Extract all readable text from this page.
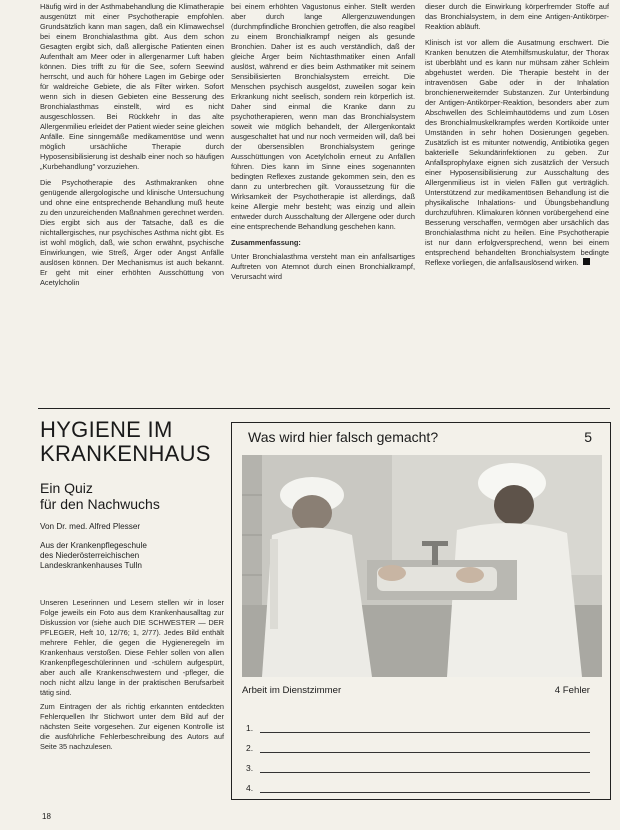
Häufig wird in der Asthmabehandlung die Klimatherapie ausgenützt mit einer Psychotherapie empfohlen. Grundsätzlich kann man sagen, daß ein Klimawechsel bei einem Bronchialasthma gibt. Aus dem schon Gesagten ergibt sich, daß allergische Patienten einen Aufenthalt am Meer oder in allergenarmer Luft haben können. Dies trifft zu für die See, sofern Seewind herrscht, und auch für höhere Lagen im Gebirge oder für waldreiche Gebiete, die als Filter wirken. Sofort wenn sich in diesen Gebieten eine Besserung des Bronchialasthmas einstellt, wird es nicht ausgeschlossen. Bei Rückkehr in das alte Allergenmilieu erleidet der Patient wieder seine gleichen Anfälle. Eine sinngemäße medikamentöse und wenn möglich ursächliche Therapie durch Hyposensibilisierung ist deshalb einer noch so häufigen „Kurbehandlung" vorzuziehen.

Die Psychotherapie des Asthmakranken ohne genügende allergologische und klinische Untersuchung und ohne eine entsprechende Behandlung muß heute zu den unzureichenden Maßnahmen gerechnet werden. Dies ergibt sich aus der Tatsache, daß es die nichtallergisches, nur psychisches Asthma nicht gibt. Es ist wohl möglich, daß, wie schon erwähnt, psychische Einwirkungen, wie Streß, Ärger oder Angst Anfälle auslösen können. Der Mechanismus ist auch bekannt. Er geht mit einer erhöhten Ausschüttung von Acetylcholin

bei einem erhöhten Vagustonus einher. Stellt werden aber durch lange Allergenzuwendungen (durchmpfindliche Bronchien getroffen, die also reagibel zu einem Bronchialkrampf neigen als gesunde Bronchien. Daher ist es auch verständlich, daß der gleiche Ärger beim Nichtasthmatiker einen Anfall auslöst, während er dies beim Asthmatiker mit seinem Sensibilisierten Bronchialsystem erreicht. Die Menschen psychisch ausgelöst, zuweilen sogar kein Erkrankung nicht seelisch, sondern rein körperlich ist. Daher sind einmal die Kranke dann zu psychotherapieren, wenn man das Bronchialsystem soweit wie möglich behandelt, der Allergenkontakt ausgeschaltet hat und nur noch vermeiden will, daß bei der übersensiblen Bronchialsystem geringe Ausschüttungen von Acetylcholin erneut zu Anfällen führen. Dies kann im Sinne eines sogenannten bedingten Reflexes zustande gekommen sein, den es dann zu unterbrechen gilt. Voraussetzung für die Wirksamkeit der Psychotherapie ist allerdings, daß keine Allergie mehr besteht; was einzig und allein entweder durch Ausschaltung der Allergene oder durch eine entsprechende Behandlung geschehen kann.

Zusammenfassung:

Unter Bronchialasthma versteht man ein anfallsartiges Auftreten von Atemnot durch einen Bronchialkrampf, Verursacht wird

dieser durch die Einwirkung körperfremder Stoffe auf das Bronchialsystem, in dem eine Antigen-Antikörper-Reaktion abläuft.

Klinisch ist vor allem die Ausatmung erschwert. Die Kranken benutzen die Atemhilfsmuskulatur, der Thorax ist überbläht und es kann nur mühsam zäher Schleim abgehustet werden. Die Therapie besteht in der intravenösen Gabe oder in der Inhalation bronchienerweiternder Substanzen. Zur Unterbindung der Antigen-Antikörper-Reaktion, besonders aber zum Abschwellen des Schleimhautödems und zum Lösen des Bronchialmuskelkrampfes werden Kortikoide unter Umständen in sehr hohen Dosierungen gegeben. Zusätzlich ist es mitunter notwendig, Antibiotika gegen bakterielle Sekundärinfektionen zu geben. Zur Anfallsprophylaxe eignen sich zusätzlich der Versuch einer Hyposensibilisierung zur Ausschaltung des Allergenmilieus ist in vielen Fällen gut verträglich. Unterstützend zur medikamentösen Behandlung ist die physikalische Inhalations- und Übungsbehandlung durchzuführen. Klimakuren können vorübergehend eine Besserung verschaffen, vermögen aber ursächlich das Bronchialasthma nicht zu heilen. Eine Psychotherapie ist nur dann erfolgversprechend, wenn bei einem entsprechend behandelten Bronchialsystem bedingte Reflexe vorliegen, die anfallsauslösend wirken.

HYGIENE IM
KRANKENHAUS
Ein Quiz
für den Nachwuchs
Von Dr. med. Alfred Plesser
Aus der Krankenpflegeschule
des Niederösterreichischen
Landeskrankenhauses Tulln

Unseren Leserinnen und Lesern stellen wir in loser Folge jeweils ein Foto aus dem Krankenhausalltag zur Diskussion vor (siehe auch DIE SCHWESTER — DER PFLEGER, Heft 10, 12/76; 1, 2/77). Jedes Bild enthält mehrere Fehler, die gegen die Hygieneregeln im Krankenhaus verstoßen. Diese Fehler sollen von allen Krankenpflegeschülerinnen und -schülern aufgespürt, aber auch alle Krankenschwestern und -pfleger, die noch nicht allzu lange in der praktischen Berufsarbeit tätig sind.

Zum Eintragen der als richtig erkannten entdeckten Fehlerquellen Ihr Stichwort unter dem Bild auf der nächsten Seite vorgesehen. Zur eigenen Kontrolle ist die ausführliche Fehlerbeschreibung des Autors auf Seite 35 nachzulesen.

Was wird hier falsch gemacht?	5
Arbeit im Dienstzimmer	4 Fehler
1.
2.
3.
4.
18
